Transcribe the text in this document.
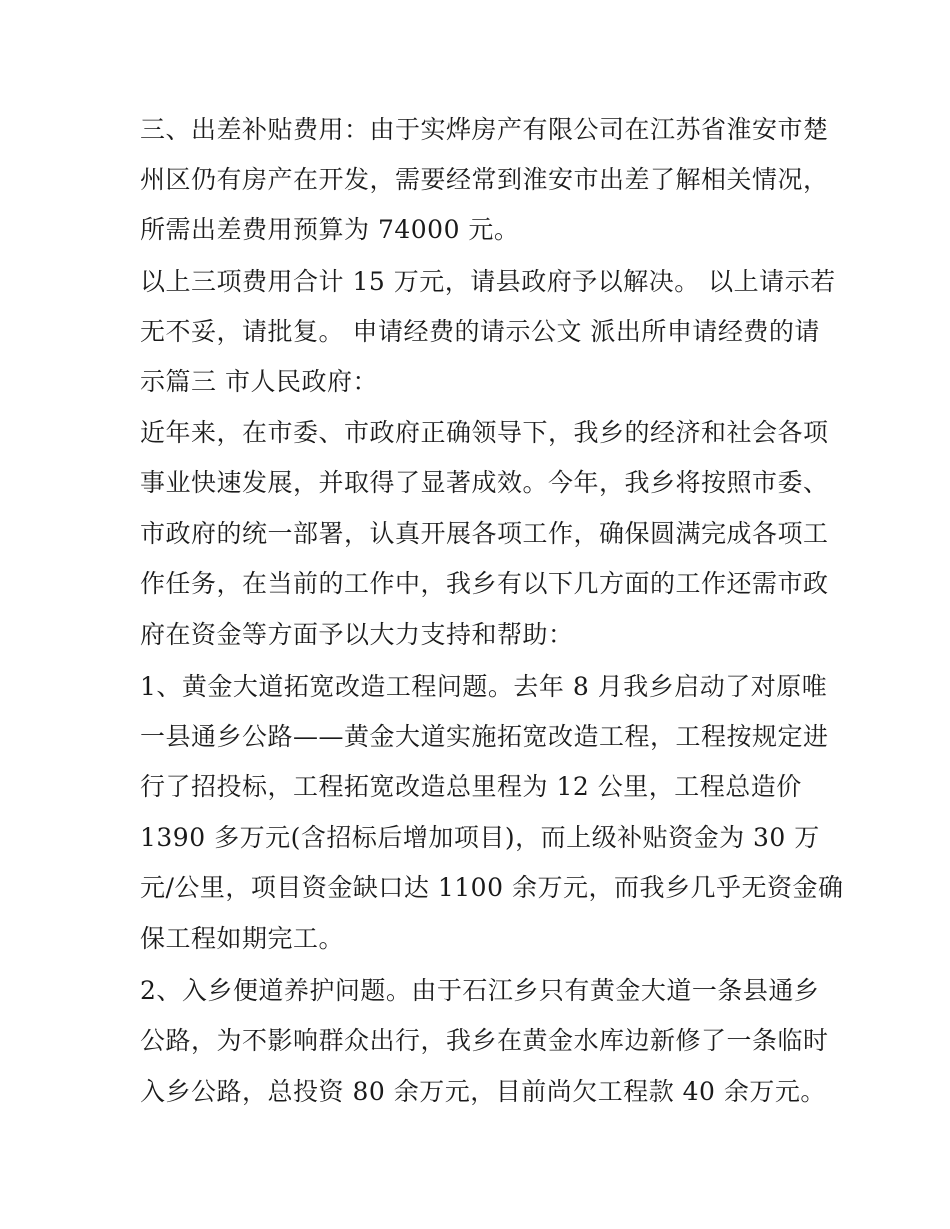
三、出差补贴费用：由于实烨房产有限公司在江苏省淮安市楚
州区仍有房产在开发，需要经常到淮安市出差了解相关情况，
所需出差费用预算为 74000 元。
以上三项费用合计 15 万元，请县政府予以解决。 以上请示若
无不妥，请批复。 申请经费的请示公文 派出所申请经费的请
示篇三 市人民政府：
近年来，在市委、市政府正确领导下，我乡的经济和社会各项
事业快速发展，并取得了显著成效。今年，我乡将按照市委、
市政府的统一部署，认真开展各项工作，确保圆满完成各项工
作任务，在当前的工作中，我乡有以下几方面的工作还需市政
府在资金等方面予以大力支持和帮助：
1、黄金大道拓宽改造工程问题。去年 8 月我乡启动了对原唯
一县通乡公路——黄金大道实施拓宽改造工程，工程按规定进
行了招投标，工程拓宽改造总里程为 12 公里，工程总造价
1390 多万元(含招标后增加项目)，而上级补贴资金为 30 万
元/公里，项目资金缺口达 1100 余万元，而我乡几乎无资金确
保工程如期完工。
2、入乡便道养护问题。由于石江乡只有黄金大道一条县通乡
公路，为不影响群众出行，我乡在黄金水库边新修了一条临时
入乡公路，总投资 80 余万元，目前尚欠工程款 40 余万元。
